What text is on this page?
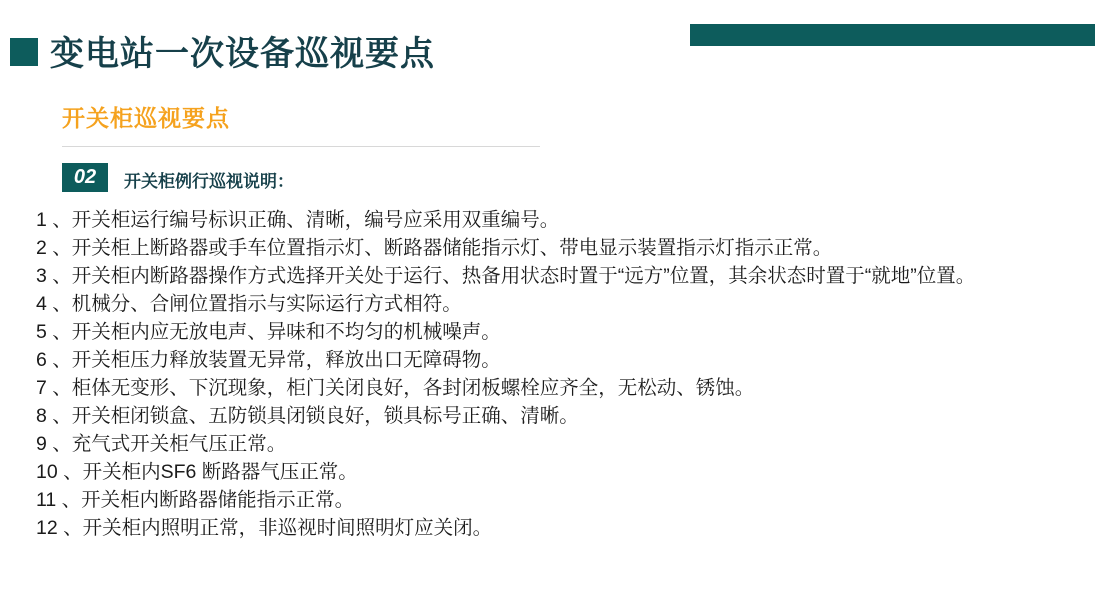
变电站一次设备巡视要点
开关柜巡视要点
02	开关柜例行巡视说明：

1 、开关柜运行编号标识正确、清晰，编号应采用双重编号。

2 、开关柜上断路器或手车位置指示灯、断路器储能指示灯、带电显示装置指示灯指示正常。

3 、开关柜内断路器操作方式选择开关处于运行、热备用状态时置于“远方”位置，其余状态时置于“就地”位置。

4 、机械分、合闸位置指示与实际运行方式相符。

5 、开关柜内应无放电声、异味和不均匀的机械噪声。

6 、开关柜压力释放装置无异常，释放出口无障碍物。

7 、柜体无变形、下沉现象，柜门关闭良好，各封闭板螺栓应齐全，无松动、锈蚀。

8 、开关柜闭锁盒、五防锁具闭锁良好，锁具标号正确、清晰。

9 、充气式开关柜气压正常。

10 、开关柜内SF6 断路器气压正常。

11 、开关柜内断路器储能指示正常。

12 、开关柜内照明正常，非巡视时间照明灯应关闭。
